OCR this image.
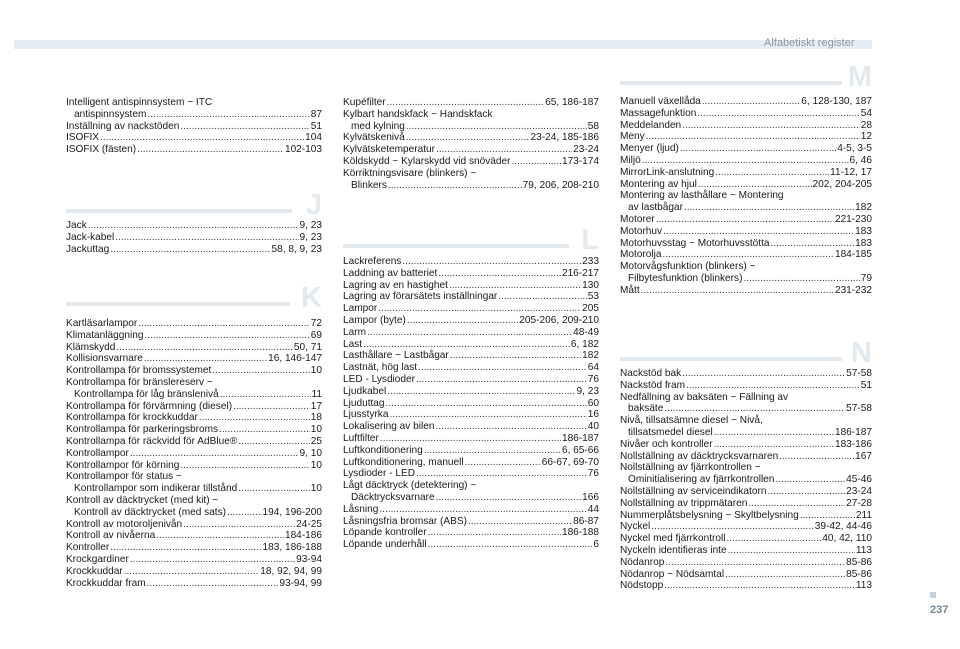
Alfabetiskt register
Intelligent antispinnsystem ~ ITC
antispinnsystem .....	87
Inställning av nackstöden .....	51
ISOFIX .....	104
ISOFIX (fästen) .....	102-103
J
Jack .....	9, 23
Jack-kabel .....	9, 23
Jackuttag .....	58, 8, 9, 23
K
Kartläsarlampor .....	72
Klimatanläggning .....	69
Klämskydd .....	50, 71
Kollisionsvarnare .....	16, 146-147
Kontrollampa för bromssystemet .....	10
Kontrollampa för bränslereserv ~
Kontrollampa för låg bränslenivå .....	11
Kontrollampa för förvärmning (diesel) .....	17
Kontrollampa för krockkuddar .....	18
Kontrollampa för parkeringsbroms .....	10
Kontrollampa för räckvidd för AdBlue® .....	25
Kontrollampor .....	9, 10
Kontrollampor för körning .....	10
Kontrollampor för status ~
Kontrollampor som indikerar tillstånd .....	10
Kontroll av däcktrycket (med kit) ~
Kontroll av däcktrycket (med sats) .....	194, 196-200
Kontroll av motoroljenivån .....	24-25
Kontroll av nivåerna .....	184-186
Kontroller .....	183, 186-188
Krockgardiner .....	93-94
Krockkuddar .....	18, 92, 94, 99
Krockkuddar fram .....	93-94, 99
Kupéfilter .....	65, 186-187
Kylbart handskfack ~ Handskfack
med kylning .....	58
Kylvätskenivå .....	23-24, 185-186
Kylvätsketemperatur .....	23-24
Köldskydd ~ Kylarskydd vid snöväder .....	173-174
Körriktningsvisare (blinkers) ~
Blinkers .....	79, 206, 208-210
L
Lackreferens .....	233
Laddning av batteriet .....	216-217
Lagring av en hastighet .....	130
Lagring av förarsätets inställningar .....	53
Lampor .....	205
Lampor (byte) .....	205-206, 209-210
Larm .....	48-49
Last .....	6, 182
Lasthållare ~ Lastbågar .....	182
Lastnät, hög last .....	64
LED - Lysdioder .....	76
Ljudkabel .....	9, 23
Ljuduttag .....	60
Ljusstyrka .....	16
Lokalisering av bilen .....	40
Luftfilter .....	186-187
Luftkonditionering .....	6, 65-66
Luftkonditionering, manuell .....	66-67, 69-70
Lysdioder - LED .....	76
Lågt däcktryck (detektering) ~
Däcktrycksvarnare .....	166
Låsning .....	44
Låsningsfria bromsar (ABS) .....	86-87
Löpande kontroller .....	186-188
Löpande underhåll .....	6
M
Manuell växellåda .....	6, 128-130, 187
Massagefunktion .....	54
Meddelanden .....	28
Meny .....	12
Menyer (ljud) .....	4-5, 3-5
Miljö .....	6, 46
MirrorLink-anslutning .....	11-12, 17
Montering av hjul .....	202, 204-205
Montering av lasthållare ~ Montering
av lastbågar .....	182
Motorer .....	221-230
Motorhuv .....	183
Motorhuvsstag ~ Motorhuvsstötta .....	183
Motorolja .....	184-185
Motorvågsfunktion (blinkers) ~
Filbytesfunktion (blinkers) .....	79
Mått .....	231-232
N
Nackstöd bak .....	57-58
Nackstöd fram .....	51
Nedfällning av baksäten ~ Fällning av
baksäte .....	57-58
Nivå, tillsatsämne diesel ~ Nivå,
tillsatsmedel diesel .....	186-187
Nivåer och kontroller .....	183-186
Nollställning av däcktrycksvarnaren .....	167
Nollställning av fjärrkontrollen ~
Ominitialisering av fjärrkontrollen .....	45-46
Nollställning av serviceindikatorn .....	23-24
Nollställning av trippmätaren .....	27-28
Nummerplåtsbelysning ~ Skyltbelysning .....	211
Nyckel .....	39-42, 44-46
Nyckel med fjärrkontroll .....	40, 42, 110
Nyckeln identifieras inte .....	113
Nödanrop .....	85-86
Nödanrop ~ Nödsamtal .....	85-86
Nödstopp .....	113
237
